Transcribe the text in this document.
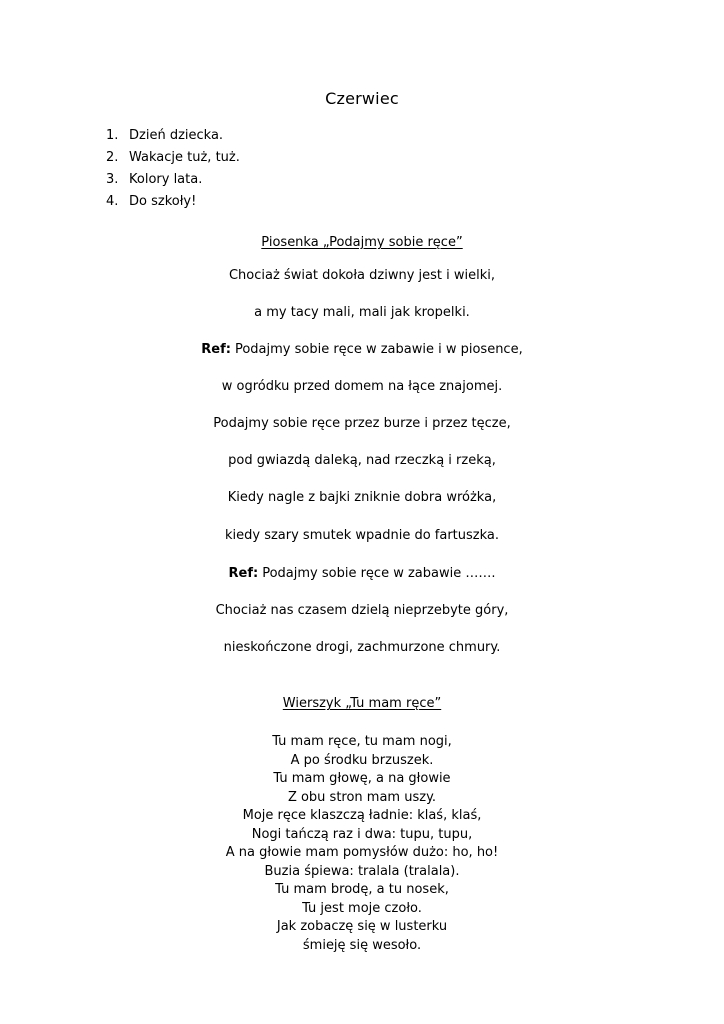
Czerwiec
1. Dzień dziecka.
2. Wakacje tuż, tuż.
3. Kolory lata.
4. Do szkoły!
Piosenka „Podajmy sobie ręce”
Chociaż świat dokoła dziwny jest i wielki,
a my tacy mali, mali jak kropelki.
Ref: Podajmy sobie ręce w zabawie i w piosence,
w ogródku przed domem na łące znajomej.
Podajmy sobie ręce przez burze i przez tęcze,
pod gwiazdą daleką, nad rzeczką i rzeką,
Kiedy nagle z bajki zniknie dobra wróżka,
kiedy szary smutek wpadnie do fartuszka.
Ref: Podajmy sobie ręce w zabawie …….
Chociaż nas czasem dzielą nieprzebyte góry,
nieskończone drogi, zachmurzone chmury.
Wierszyk „Tu mam ręce”
Tu mam ręce, tu mam nogi,
A po środku brzuszek.
Tu mam głowę, a na głowie
Z obu stron mam uszy.
Moje ręce klaszczą ładnie: klaś, klaś,
Nogi tańczą raz i dwa: tupu, tupu,
A na głowie mam pomysłów dużo: ho, ho!
Buzia śpiewa: tralala (tralala).
Tu mam brodę, a tu nosek,
Tu jest moje czoło.
Jak zobaczę się w lusterku
śmieję się wesoło.
